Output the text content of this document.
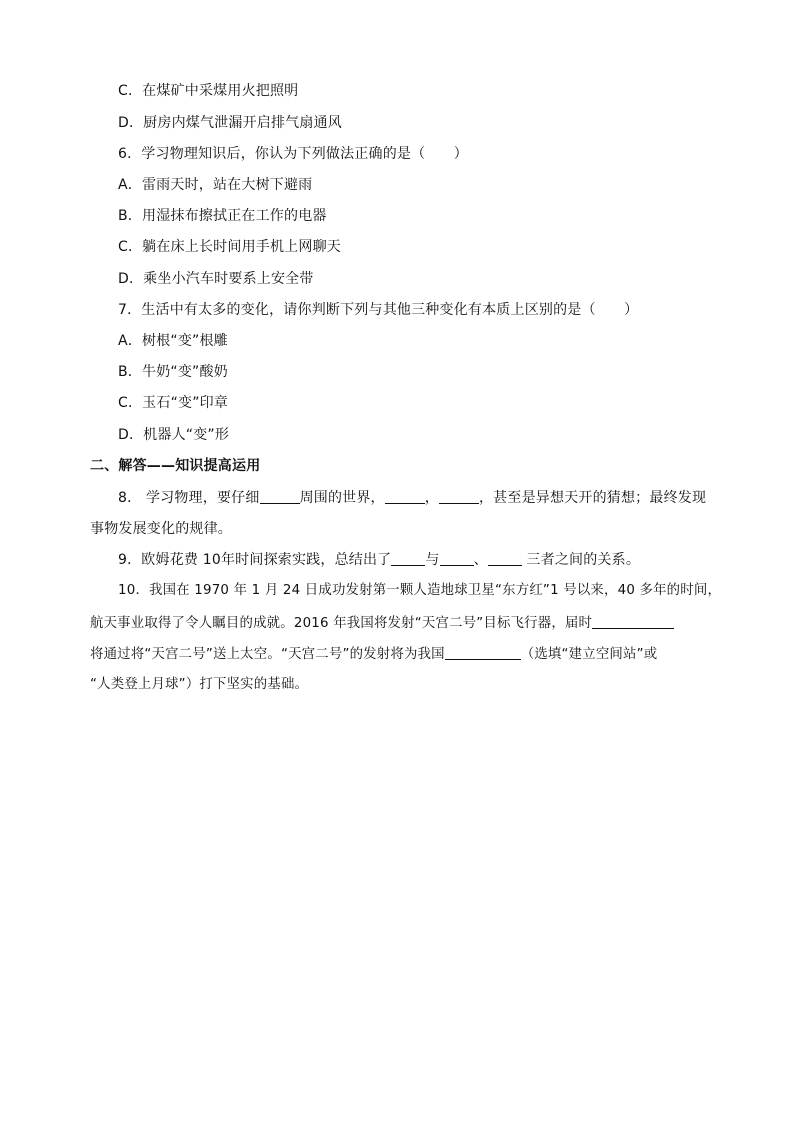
C．在煤矿中采煤用火把照明
D．厨房内煤气泄漏开启排气扇通风
6．学习物理知识后，你认为下列做法正确的是（　　）
A．雷雨天时，站在大树下避雨
B．用湿抹布擦拭正在工作的电器
C．躺在床上长时间用手机上网聊天
D．乘坐小汽车时要系上安全带
7．生活中有太多的变化，请你判断下列与其他三种变化有本质上区别的是（　　）
A．树根“变”根雕
B．牛奶“变”酸奶
C．玉石“变”印章
D．机器人“变”形
二、解答——知识提高运用
8． 学习物理，要仔细	周围的世界，	，	，甚至是异想天开的猜想；最终发现
事物发展变化的规律。
9．欧姆花费 10年时间探索实践，总结出了 与 、 三者之间的关系。
10．我国在 1970 年 1 月 24 日成功发射第一颗人造地球卫星“东方红”1 号以来，40 多年的时间，
航天事业取得了令人瞩目的成就。2016 年我国将发射“天宫二号”目标飞行器，届时
将通过将“天宫二号”送上太空。“天宫二号”的发射将为我国	（选填“建立空间站”或
“人类登上月球”）打下坚实的基础。
